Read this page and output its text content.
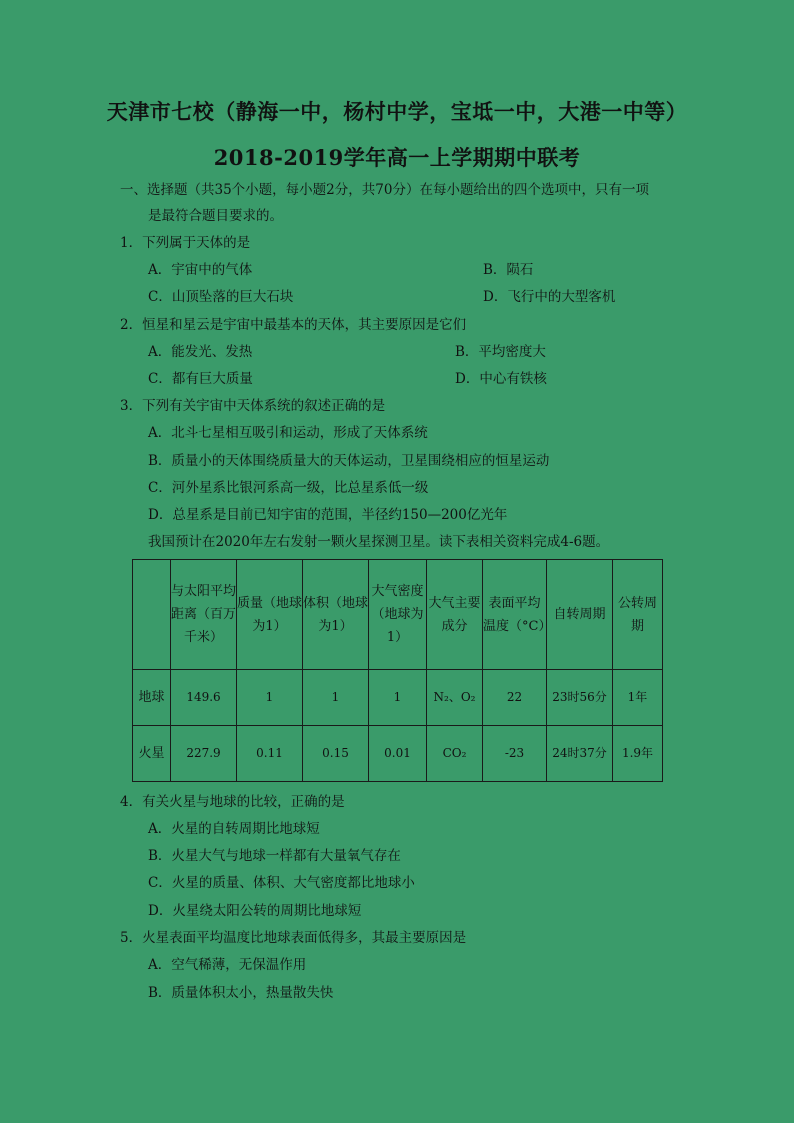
天津市七校（静海一中，杨村中学，宝坻一中，大港一中等）
2018-2019学年高一上学期期中联考
一、选择题（共35个小题，每小题2分，共70分）在每小题给出的四个选项中，只有一项
是最符合题目要求的。
1．下列属于天体的是
A．宇宙中的气体	B．陨石
C．山顶坠落的巨大石块	D．飞行中的大型客机
2．恒星和星云是宇宙中最基本的天体，其主要原因是它们
A．能发光、发热	B．平均密度大
C．都有巨大质量	D．中心有铁核
3．下列有关宇宙中天体系统的叙述正确的是
A．北斗七星相互吸引和运动，形成了天体系统
B．质量小的天体围绕质量大的天体运动，卫星围绕相应的恒星运动
C．河外星系比银河系高一级，比总星系低一级
D．总星系是目前已知宇宙的范围，半径约150—200亿光年
我国预计在2020年左右发射一颗火星探测卫星。读下表相关资料完成4-6题。
	与太阳平均距离（百万千米）	质量（地球为1）	体积（地球为1）	大气密度（地球为1）	大气主要成分	表面平均温度（°C）	自转周期	公转周期
地球	149.6	1	1	1	N₂、O₂	22	23时56分	1年
火星	227.9	0.11	0.15	0.01	CO₂	-23	24时37分	1.9年
4．有关火星与地球的比较，正确的是
A．火星的自转周期比地球短
B．火星大气与地球一样都有大量氧气存在
C．火星的质量、体积、大气密度都比地球小
D．火星绕太阳公转的周期比地球短
5．火星表面平均温度比地球表面低得多，其最主要原因是
A．空气稀薄，无保温作用
B．质量体积太小，热量散失快
